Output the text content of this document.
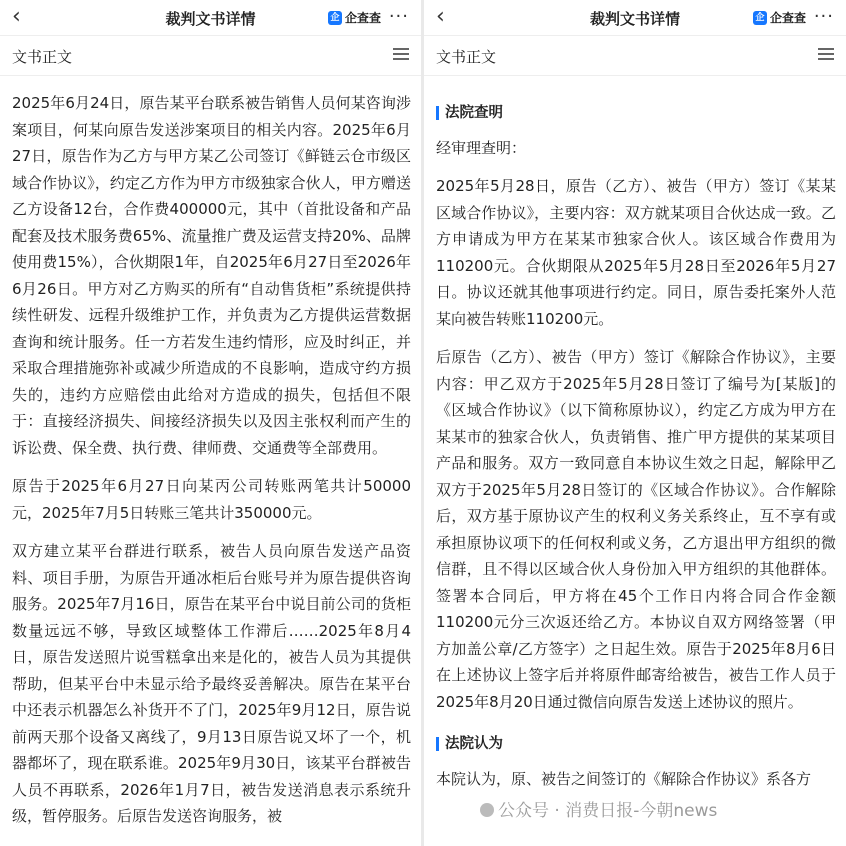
‹	裁判文书详情	企 企查查 ···
文书正文

2025年6月24日，原告某平台联系被告销售人员何某咨询涉案项目，何某向原告发送涉案项目的相关内容。2025年6月27日，原告作为乙方与甲方某乙公司签订《鲜链云仓市级区域合作协议》，约定乙方作为甲方市级独家合伙人，甲方赠送乙方设备12台，合作费400000元，其中（首批设备和产品配套及技术服务费65%、流量推广费及运营支持20%、品牌使用费15%），合伙期限1年，自2025年6月27日至2026年6月26日。甲方对乙方购买的所有“自动售货柜”系统提供持续性研发、远程升级维护工作，并负责为乙方提供运营数据查询和统计服务。任一方若发生违约情形，应及时纠正，并采取合理措施弥补或减少所造成的不良影响，造成守约方损失的，违约方应赔偿由此给对方造成的损失，包括但不限于：直接经济损失、间接经济损失以及因主张权利而产生的诉讼费、保全费、执行费、律师费、交通费等全部费用。

原告于2025年6月27日向某丙公司转账两笔共计50000元，2025年7月5日转账三笔共计350000元。

双方建立某平台群进行联系，被告人员向原告发送产品资料、项目手册，为原告开通冰柜后台账号并为原告提供咨询服务。2025年7月16日，原告在某平台中说目前公司的货柜数量远远不够，导致区域整体工作滞后……2025年8月4日，原告发送照片说雪糕拿出来是化的，被告人员为其提供帮助，但某平台中未显示给予最终妥善解决。原告在某平台中还表示机器怎么补货开不了门，2025年9月12日，原告说前两天那个设备又离线了，9月13日原告说又坏了一个，机器都坏了，现在联系谁。2025年9月30日，该某平台群被告人员不再联系，2026年1月7日，被告发送消息表示系统升级，暂停服务。后原告发送咨询服务，被

‹	裁判文书详情	企 企查查 ···
文书正文
法院查明

经审理查明：

2025年5月28日，原告（乙方）、被告（甲方）签订《某某区域合作协议》，主要内容：双方就某项目合伙达成一致。乙方申请成为甲方在某某市独家合伙人。该区域合作费用为110200元。合伙期限从2025年5月28日至2026年5月27日。协议还就其他事项进行约定。同日，原告委托案外人范某向被告转账110200元。

后原告（乙方）、被告（甲方）签订《解除合作协议》，主要内容：甲乙双方于2025年5月28日签订了编号为[某版]的《区域合作协议》（以下简称原协议），约定乙方成为甲方在某某市的独家合伙人，负责销售、推广甲方提供的某某项目产品和服务。双方一致同意自本协议生效之日起，解除甲乙双方于2025年5月28日签订的《区域合作协议》。合作解除后，双方基于原协议产生的权利义务关系终止，互不享有或承担原协议项下的任何权利或义务，乙方退出甲方组织的微信群，且不得以区域合伙人身份加入甲方组织的其他群体。签署本合同后，甲方将在45个工作日内将合同合作金额110200元分三次返还给乙方。本协议自双方网络签署（甲方加盖公章/乙方签字）之日起生效。原告于2025年8月6日在上述协议上签字后并将原件邮寄给被告，被告工作人员于2025年8月20日通过微信向原告发送上述协议的照片。

法院认为

本院认为，原、被告之间签订的《解除合作协议》系各方

公众号 · 消费日报-今朝news
